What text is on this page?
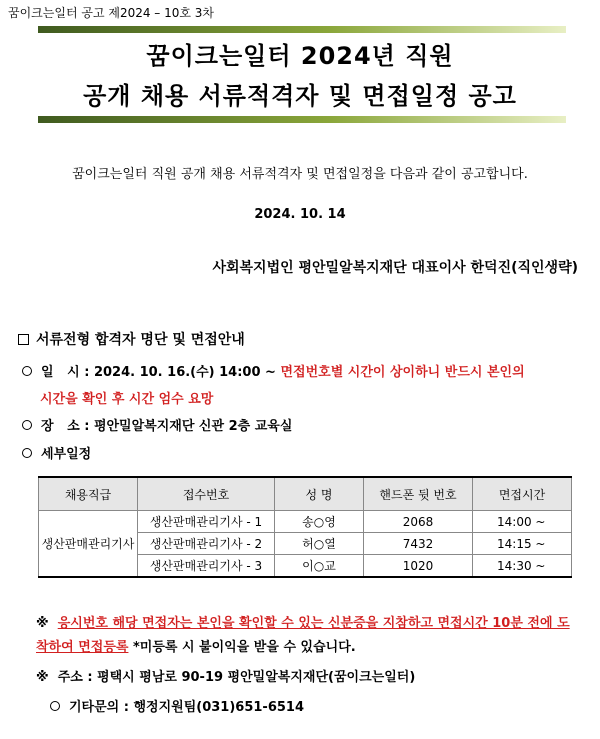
꿈이크는일터 공고 제2024 – 10호 3차
꿈이크는일터 2024년 직원
공개 채용 서류적격자 및 면접일정 공고
꿈이크는일터 직원 공개 채용 서류적격자 및 면접일정을 다음과 같이 공고합니다.
2024. 10. 14
사회복지법인 평안밀알복지재단 대표이사 한덕진(직인생략)
서류전형 합격자 명단 및 면접안내
일   시 : 2024. 10. 16.(수) 14:00 ~
면접번호별 시간이 상이하니 반드시 본인의
시간을 확인 후 시간 엄수 요망
장   소 : 평안밀알복지재단 신관 2층 교육실
세부일정
채용직급	접수번호	성 명	핸드폰 뒷 번호	면접시간
생산판매관리기사	생산판매관리기사 - 1	송○영	2068	14:00 ~
	생산판매관리기사 - 2	허○열	7432	14:15 ~
	생산판매관리기사 - 3	이○교	1020	14:30 ~
※ 응시번호 해당 면접자는 본인을 확인할 수 있는 신분증을 지참하고 면접시간 10분 전에 도착하여 면접등록 *미등록 시 불이익을 받을 수 있습니다.
※  주소 : 평택시 평남로 90-19 평안밀알복지재단(꿈이크는일터)
기타문의 : 행정지원팀(031)651-6514
